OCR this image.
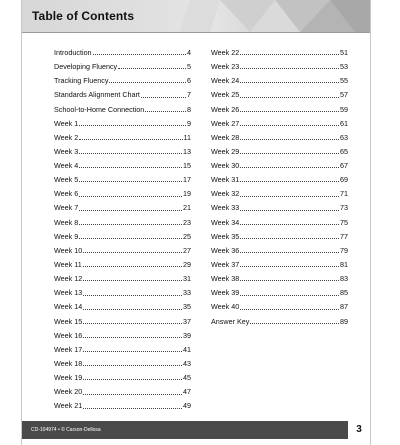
Table of Contents
Introduction	4
Developing Fluency	5
Tracking Fluency	6
Standards Alignment Chart	7
School-to-Home Connection	8
Week 1	9
Week 2	11
Week 3	13
Week 4	15
Week 5	17
Week 6	19
Week 7	21
Week 8	23
Week 9	25
Week 10	27
Week 11	29
Week 12	31
Week 13	33
Week 14	35
Week 15	37
Week 16	39
Week 17	41
Week 18	43
Week 19	45
Week 20	47
Week 21	49
Week 22	51
Week 23	53
Week 24	55
Week 25	57
Week 26	59
Week 27	61
Week 28	63
Week 29	65
Week 30	67
Week 31	69
Week 32	71
Week 33	73
Week 34	75
Week 35	77
Week 36	79
Week 37	81
Week 38	83
Week 39	85
Week 40	87
Answer Key	89
CD-104974 • © Carson-Dellosa	3
